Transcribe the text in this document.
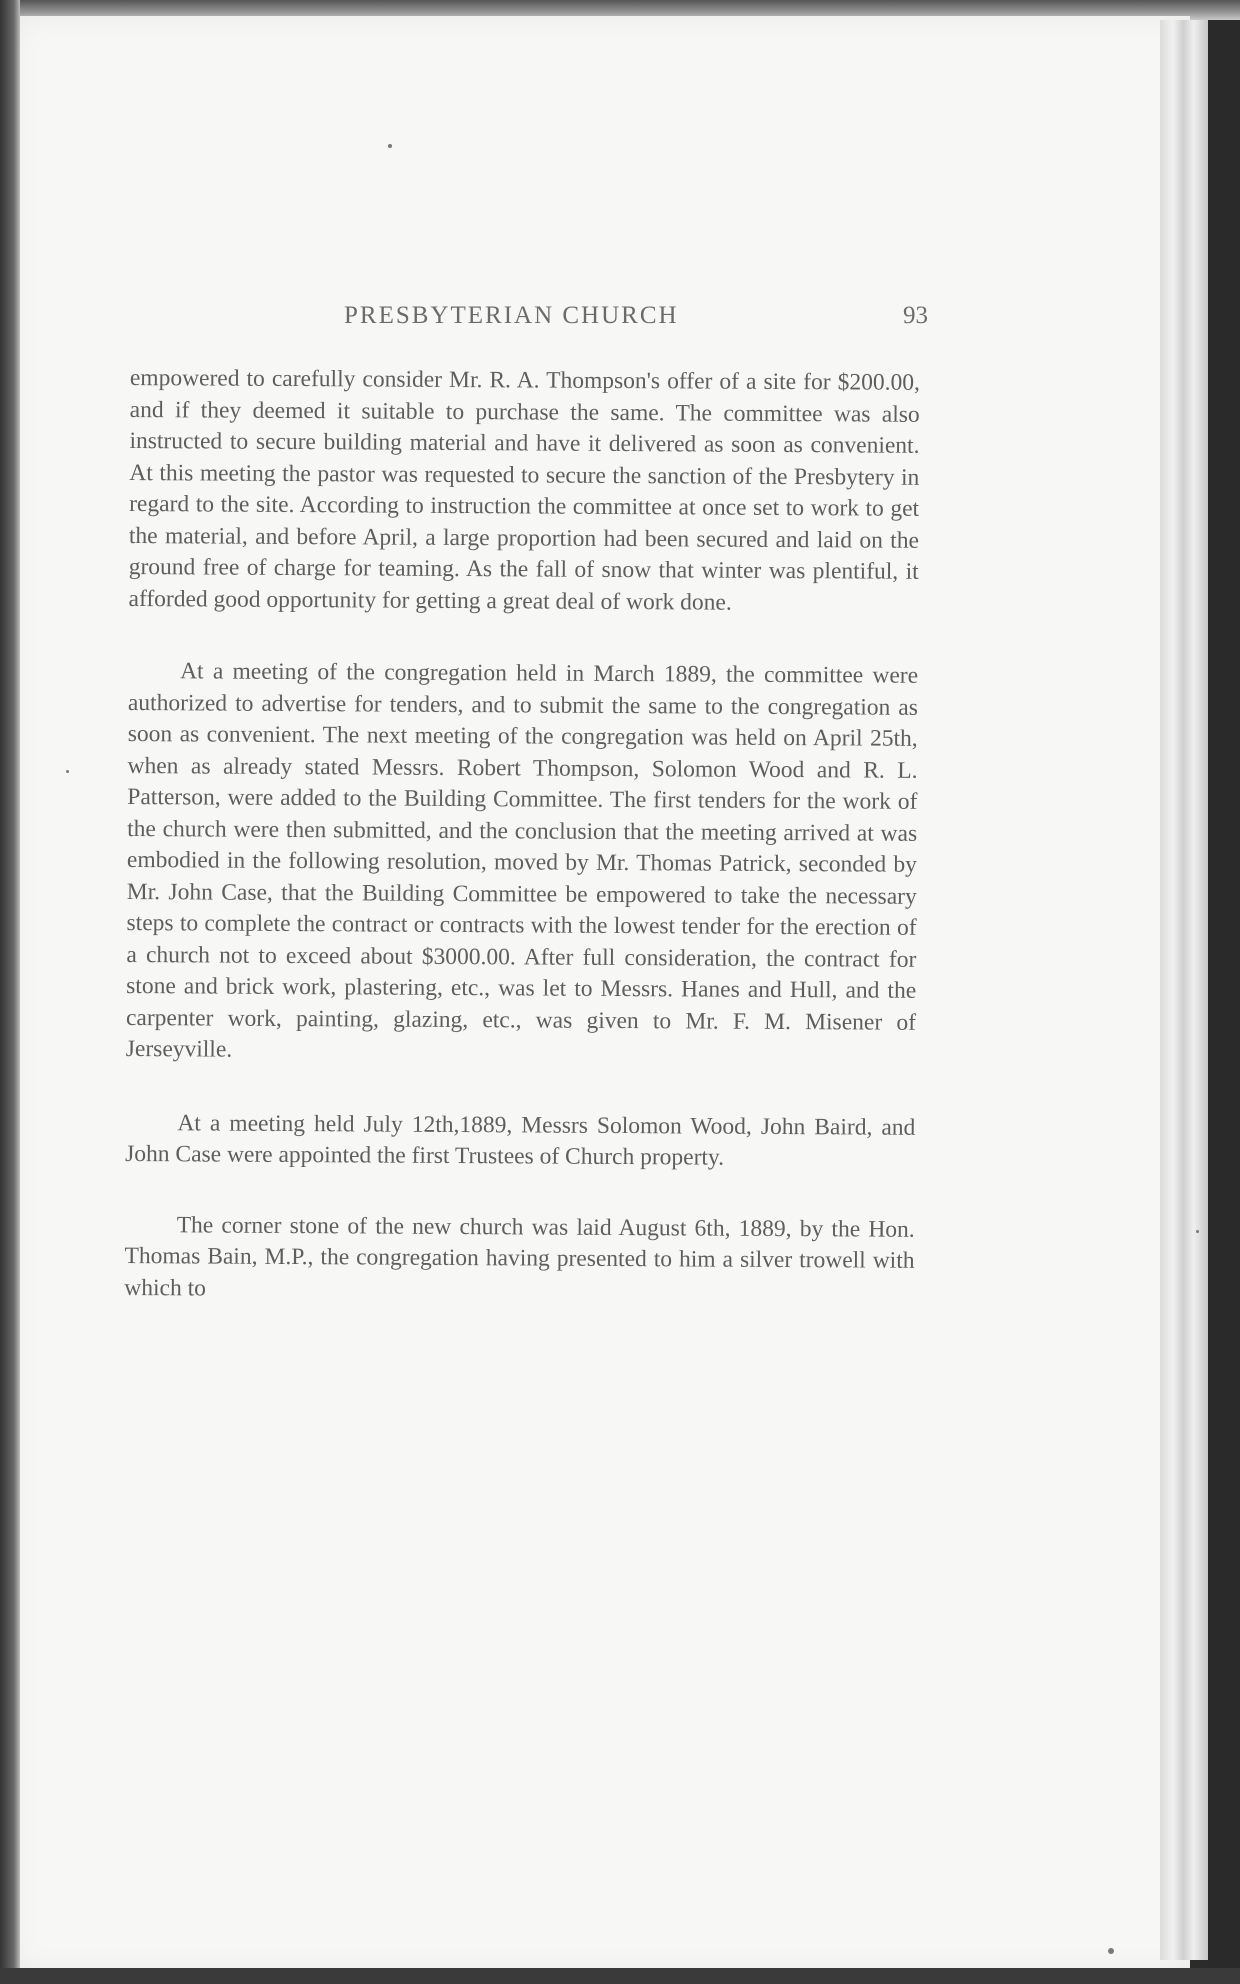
PRESBYTERIAN CHURCH	93

empowered to carefully consider Mr. R. A. Thompson's offer of a site for $200.00, and if they deemed it suitable to purchase the same. The committee was also instructed to secure building material and have it delivered as soon as convenient. At this meeting the pastor was requested to secure the sanction of the Presbytery in regard to the site. According to instruction the committee at once set to work to get the material, and before April, a large proportion had been secured and laid on the ground free of charge for teaming. As the fall of snow that winter was plentiful, it afforded good opportunity for getting a great deal of work done.

At a meeting of the congregation held in March 1889, the committee were authorized to advertise for tenders, and to submit the same to the congregation as soon as convenient. The next meeting of the congregation was held on April 25th, when as already stated Messrs. Robert Thompson, Solomon Wood and R. L. Patterson, were added to the Building Committee. The first tenders for the work of the church were then submitted, and the conclusion that the meeting arrived at was embodied in the following resolution, moved by Mr. Thomas Patrick, seconded by Mr. John Case, that the Building Committee be empowered to take the necessary steps to complete the contract or contracts with the lowest tender for the erection of a church not to exceed about $3000.00. After full consideration, the contract for stone and brick work, plastering, etc., was let to Messrs. Hanes and Hull, and the carpenter work, painting, glazing, etc., was given to Mr. F. M. Misener of Jerseyville.

At a meeting held July 12th,1889, Messrs Solomon Wood, John Baird, and John Case were appointed the first Trustees of Church property.

The corner stone of the new church was laid August 6th, 1889, by the Hon. Thomas Bain, M.P., the congregation having presented to him a silver trowell with which to
